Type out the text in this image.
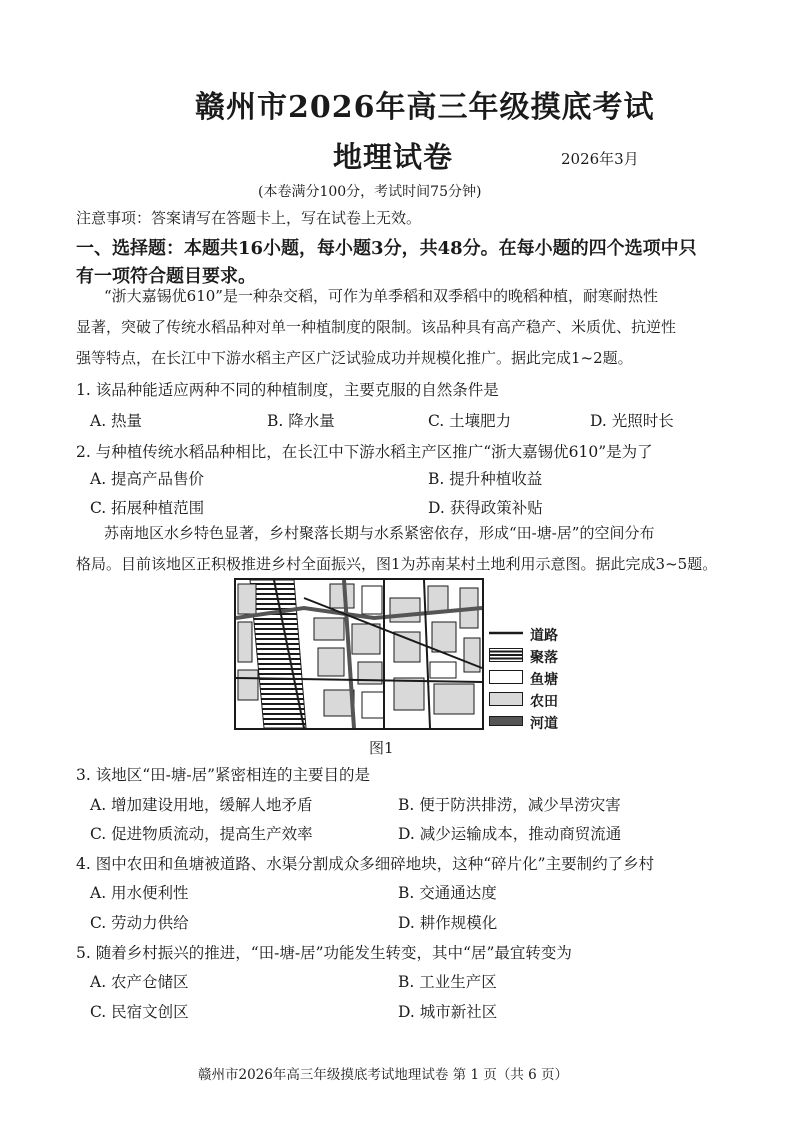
赣州市2026年高三年级摸底考试
地理试卷	2026年3月
(本卷满分100分，考试时间75分钟)
注意事项：答案请写在答题卡上，写在试卷上无效。
一、选择题：本题共16小题，每小题3分，共48分。在每小题的四个选项中只
有一项符合题目要求。
“浙大嘉锡优610”是一种杂交稻，可作为单季稻和双季稻中的晚稻种植，耐寒耐热性
显著，突破了传统水稻品种对单一种植制度的限制。该品种具有高产稳产、米质优、抗逆性
强等特点，在长江中下游水稻主产区广泛试验成功并规模化推广。据此完成1~2题。
1. 该品种能适应两种不同的种植制度，主要克服的自然条件是
A. 热量	B. 降水量	C. 土壤肥力	D. 光照时长
2. 与种植传统水稻品种相比，在长江中下游水稻主产区推广“浙大嘉锡优610”是为了
A. 提高产品售价	B. 提升种植收益
C. 拓展种植范围	D. 获得政策补贴
苏南地区水乡特色显著，乡村聚落长期与水系紧密依存，形成“田-塘-居”的空间分布
格局。目前该地区正积极推进乡村全面振兴，图1为苏南某村土地利用示意图。据此完成3~5题。
道路
聚落
鱼塘
农田
河道
图1
3. 该地区“田-塘-居”紧密相连的主要目的是
A. 增加建设用地，缓解人地矛盾	B. 便于防洪排涝，减少旱涝灾害
C. 促进物质流动，提高生产效率	D. 减少运输成本，推动商贸流通
4. 图中农田和鱼塘被道路、水渠分割成众多细碎地块，这种“碎片化”主要制约了乡村
A. 用水便利性	B. 交通通达度
C. 劳动力供给	D. 耕作规模化
5. 随着乡村振兴的推进，“田-塘-居”功能发生转变，其中“居”最宜转变为
A. 农产仓储区	B. 工业生产区
C. 民宿文创区	D. 城市新社区
赣州市2026年高三年级摸底考试地理试卷 第 1 页（共 6 页）
